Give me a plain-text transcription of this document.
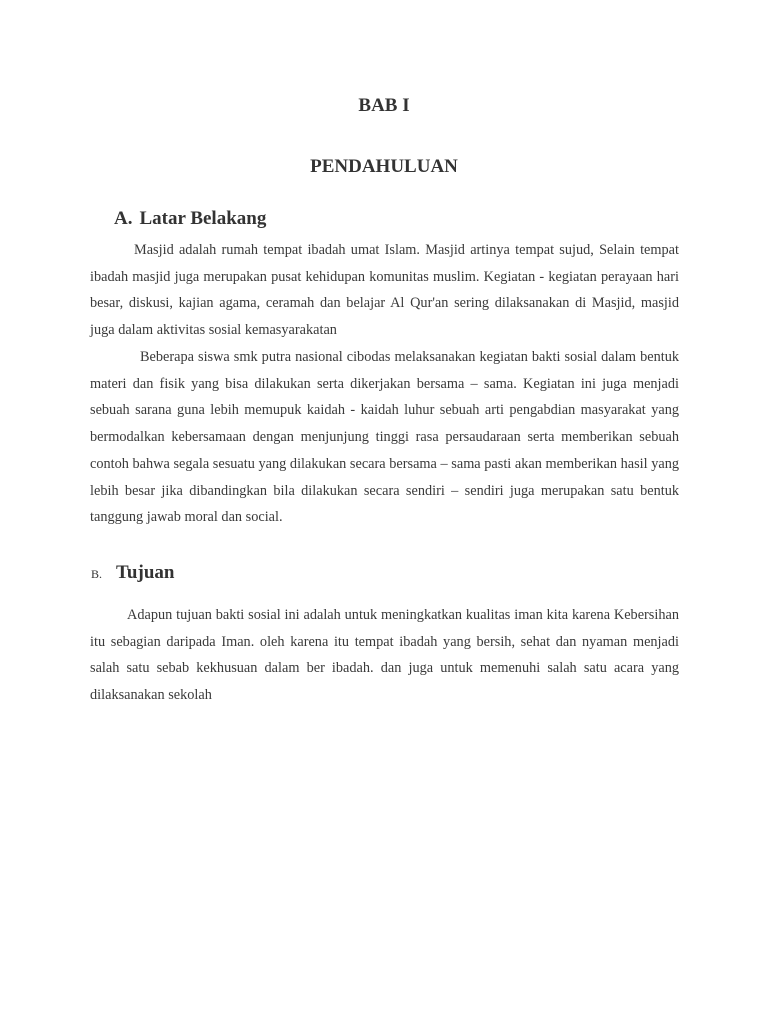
BAB I
PENDAHULUAN
A. Latar Belakang

Masjid adalah rumah tempat ibadah umat Islam. Masjid artinya tempat sujud, Selain tempat ibadah masjid juga merupakan pusat kehidupan komunitas muslim. Kegiatan - kegiatan perayaan hari besar, diskusi, kajian agama, ceramah dan belajar Al Qur'an sering dilaksanakan di Masjid, masjid juga dalam aktivitas sosial kemasyarakatan

Beberapa siswa smk putra nasional cibodas melaksanakan kegiatan bakti sosial dalam bentuk materi dan fisik yang bisa dilakukan serta dikerjakan bersama – sama. Kegiatan ini juga menjadi sebuah sarana guna lebih memupuk kaidah - kaidah luhur sebuah arti pengabdian masyarakat yang bermodalkan kebersamaan dengan menjunjung tinggi rasa persaudaraan serta memberikan sebuah contoh bahwa segala sesuatu yang dilakukan secara bersama – sama pasti akan memberikan hasil yang lebih besar jika dibandingkan bila dilakukan secara sendiri – sendiri juga merupakan satu bentuk tanggung jawab moral dan social.

B. Tujuan

Adapun tujuan bakti sosial ini adalah untuk meningkatkan kualitas iman kita karena Kebersihan itu sebagian daripada Iman. oleh karena itu tempat ibadah yang bersih, sehat dan nyaman menjadi salah satu sebab kekhusuan dalam ber ibadah. dan juga untuk memenuhi salah satu acara yang dilaksanakan sekolah
